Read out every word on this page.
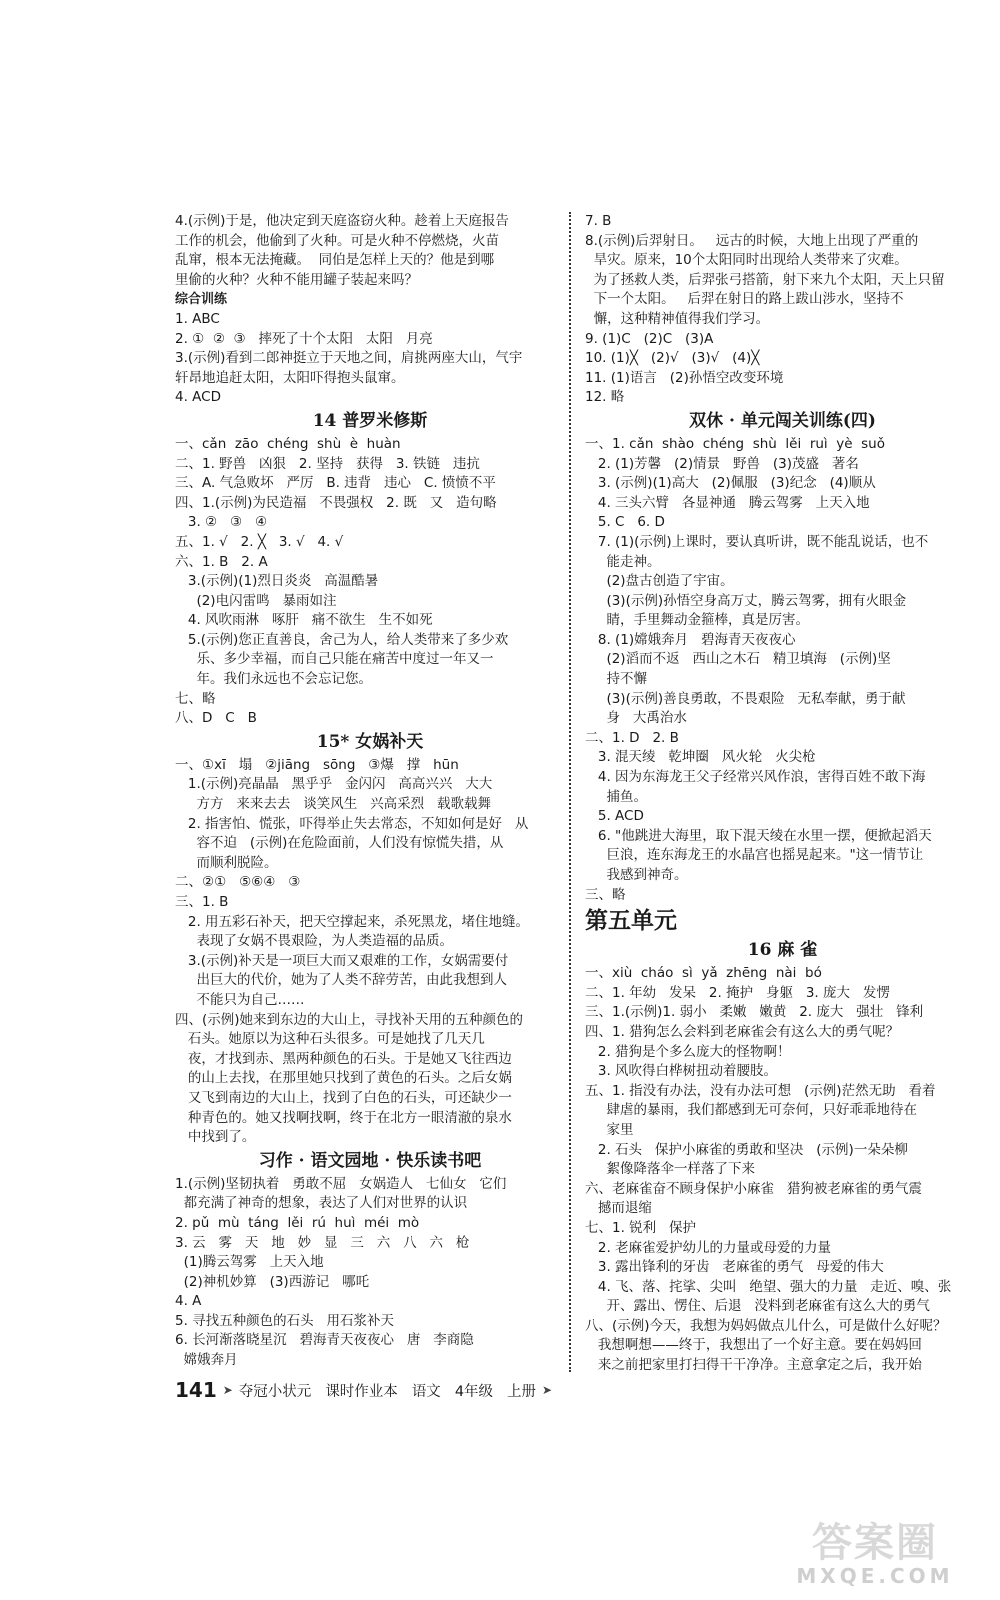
4.(示例)于是，他决定到天庭盗窃火种。趁着上天庭报告
工作的机会，他偷到了火种。可是火种不停燃烧，火苗
乱窜，根本无法掩藏。  同伯是怎样上天的？他是到哪
里偷的火种？火种不能用罐子装起来吗？
综合训练
1. ABC
2. ①  ②  ③   摔死了十个太阳   太阳   月亮
3.(示例)看到二郎神挺立于天地之间，肩挑两座大山，气宇
轩昂地追赶太阳，太阳吓得抱头鼠窜。
4. ACD
14 普罗米修斯
一、cǎn  zāo  chéng  shù  è  huàn
二、1. 野兽   凶狠   2. 坚持   获得   3. 铁链   违抗
三、A. 气急败坏   严厉   B. 违背   违心   C. 愤愤不平
四、1.(示例)为民造福   不畏强权   2. 既   又   造句略
3. ②   ③   ④
五、1. √   2. ╳   3. √   4. √
六、1. B   2. A
3.(示例)(1)烈日炎炎   高温酷暑
(2)电闪雷鸣   暴雨如注
4. 风吹雨淋   啄肝   痛不欲生   生不如死
5.(示例)您正直善良，舍己为人，给人类带来了多少欢
乐、多少幸福，而自己只能在痛苦中度过一年又一
年。我们永远也不会忘记您。
七、略
八、D   C   B
15* 女娲补天
一、①xī   塌   ②jiāng   sōng   ③爆   撑   hūn
1.(示例)亮晶晶   黑乎乎   金闪闪   高高兴兴   大大
方方   来来去去   谈笑风生   兴高采烈   载歌载舞
2. 指害怕、慌张，吓得举止失去常态，不知如何是好   从
容不迫   (示例)在危险面前，人们没有惊慌失措，从
而顺利脱险。
二、②①   ⑤⑥④   ③
三、1. B
2. 用五彩石补天，把天空撑起来，杀死黑龙，堵住地缝。
表现了女娲不畏艰险，为人类造福的品质。
3.(示例)补天是一项巨大而又艰难的工作，女娲需要付
出巨大的代价，她为了人类不辞劳苦，由此我想到人
不能只为自己……
四、(示例)她来到东边的大山上，寻找补天用的五种颜色的
石头。她原以为这种石头很多。可是她找了几天几
夜，才找到赤、黑两种颜色的石头。于是她又飞往西边
的山上去找，在那里她只找到了黄色的石头。之后女娲
又飞到南边的大山上，找到了白色的石头，可还缺少一
种青色的。她又找啊找啊，终于在北方一眼清澈的泉水
中找到了。
习作 · 语文园地 · 快乐读书吧
1.(示例)坚韧执着   勇敢不屈   女娲造人   七仙女   它们
都充满了神奇的想象，表达了人们对世界的认识
2. pǔ  mù  táng  lěi  rú  huì  méi  mò
3. 云   雾   天   地   妙   显   三   六   八   六   枪
(1)腾云驾雾   上天入地
(2)神机妙算   (3)西游记   哪吒
4. A
5. 寻找五种颜色的石头   用石浆补天
6. 长河渐落晓星沉   碧海青天夜夜心   唐   李商隐
嫦娥奔月
7. B
8.(示例)后羿射日。   远古的时候，大地上出现了严重的
旱灾。原来，10个太阳同时出现给人类带来了灾难。
为了拯救人类，后羿张弓搭箭，射下来九个太阳，天上只留
下一个太阳。   后羿在射日的路上跋山涉水，坚持不
懈，这种精神值得我们学习。
9. (1)C   (2)C   (3)A
10. (1)╳   (2)√   (3)√   (4)╳
11. (1)语言   (2)孙悟空改变环境
12. 略
双休 · 单元闯关训练(四)
一、1. cǎn  shào  chéng  shù  lěi  ruì  yè  suǒ
2. (1)芳馨   (2)情景   野兽   (3)茂盛   著名
3. (示例)(1)高大   (2)佩服   (3)纪念   (4)顺从
4. 三头六臂   各显神通   腾云驾雾   上天入地
5. C   6. D
7. (1)(示例)上课时，要认真听讲，既不能乱说话，也不
能走神。
(2)盘古创造了宇宙。
(3)(示例)孙悟空身高万丈，腾云驾雾，拥有火眼金
睛，手里舞动金箍棒，真是厉害。
8. (1)嫦娥奔月   碧海青天夜夜心
(2)滔而不返   西山之木石   精卫填海   (示例)坚
持不懈
(3)(示例)善良勇敢，不畏艰险   无私奉献，勇于献
身   大禹治水
二、1. D   2. B
3. 混天绫   乾坤圈   风火轮   火尖枪
4. 因为东海龙王父子经常兴风作浪，害得百姓不敢下海
捕鱼。
5. ACD
6. "他跳进大海里，取下混天绫在水里一摆，便掀起滔天
巨浪，连东海龙王的水晶宫也摇晃起来。"这一情节让
我感到神奇。
三、略
第五单元
16 麻 雀
一、xiù  cháo  sì  yǎ  zhēng  nài  bó
二、1. 年幼   发呆   2. 掩护   身躯   3. 庞大   发愣
三、1.(示例)1. 弱小   柔嫩   嫩黄   2. 庞大   强壮   锋利
四、1. 猎狗怎么会料到老麻雀会有这么大的勇气呢？
2. 猎狗是个多么庞大的怪物啊！
3. 风吹得白桦树扭动着腰肢。
五、1. 指没有办法，没有办法可想   (示例)茫然无助   看着
肆虐的暴雨，我们都感到无可奈何，只好乖乖地待在
家里
2. 石头   保护小麻雀的勇敢和坚决   (示例)一朵朵柳
絮像降落伞一样落了下来
六、老麻雀奋不顾身保护小麻雀   猎狗被老麻雀的勇气震
撼而退缩
七、1. 锐利   保护
2. 老麻雀爱护幼儿的力量或母爱的力量
3. 露出锋利的牙齿   老麻雀的勇气   母爱的伟大
4. 飞、落、挓挲、尖叫   绝望、强大的力量   走近、嗅、张
开、露出、愣住、后退   没料到老麻雀有这么大的勇气
八、(示例)今天，我想为妈妈做点儿什么，可是做什么好呢？
我想啊想——终于，我想出了一个好主意。要在妈妈回
来之前把家里打扫得干干净净。主意拿定之后，我开始
141 ➤ 夺冠小状元 课时作业本 语文 4年级 上册 ➤
答案圈
MXQE.COM
